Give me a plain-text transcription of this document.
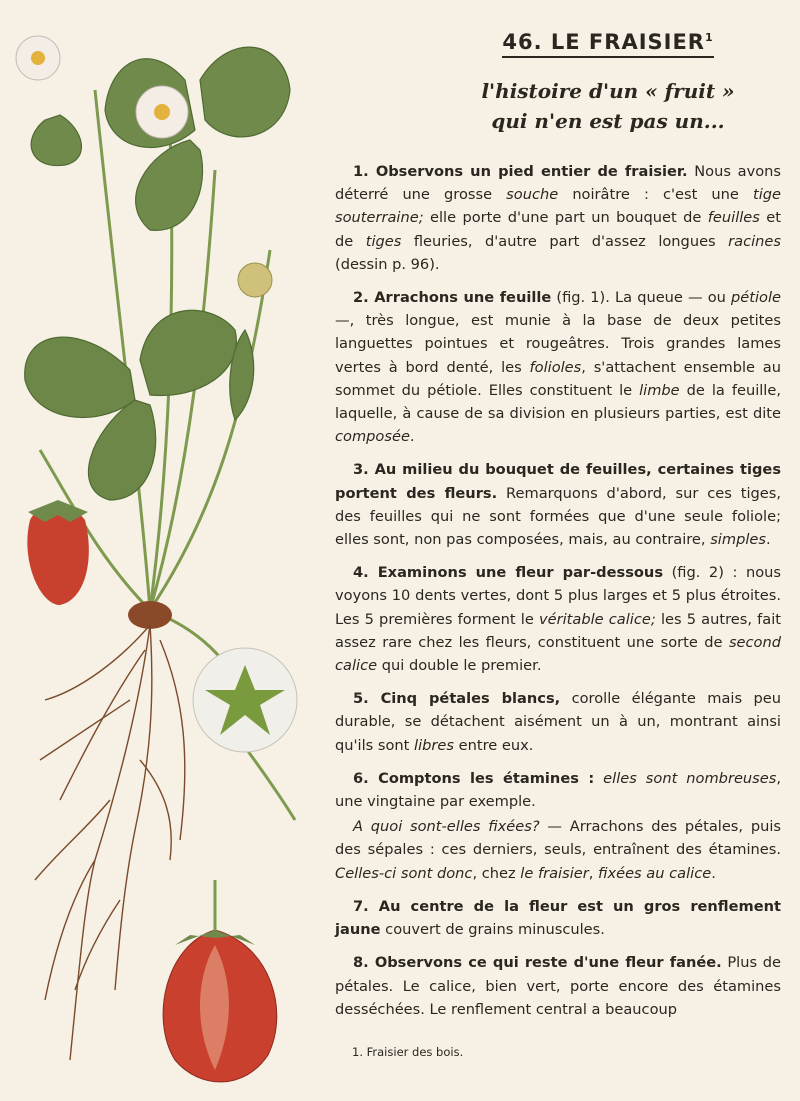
46. LE FRAISIER$^1$
l'histoire d'un « fruit »
qui n'en est pas un...

1. Observons un pied entier de fraisier. Nous avons déterré une grosse souche noirâtre : c'est une tige souterraine; elle porte d'une part un bouquet de feuilles et de tiges fleuries, d'autre part d'assez longues racines (dessin p. 96).

2. Arrachons une feuille (fig. 1). La queue — ou pétiole —, très longue, est munie à la base de deux petites languettes pointues et rougeâtres. Trois grandes lames vertes à bord denté, les folioles, s'attachent ensemble au sommet du pétiole. Elles constituent le limbe de la feuille, laquelle, à cause de sa division en plusieurs parties, est dite composée.

3. Au milieu du bouquet de feuilles, certaines tiges portent des fleurs. Remarquons d'abord, sur ces tiges, des feuilles qui ne sont formées que d'une seule foliole; elles sont, non pas composées, mais, au contraire, simples.

4. Examinons une fleur par-dessous (fig. 2) : nous voyons 10 dents vertes, dont 5 plus larges et 5 plus étroites. Les 5 premières forment le véritable calice; les 5 autres, fait assez rare chez les fleurs, constituent une sorte de second calice qui double le premier.

5. Cinq pétales blancs, corolle élégante mais peu durable, se détachent aisément un à un, montrant ainsi qu'ils sont libres entre eux.

6. Comptons les étamines : elles sont nombreuses, une vingtaine par exemple.

A quoi sont-elles fixées? — Arrachons des pétales, puis des sépales : ces derniers, seuls, entraînent des étamines. Celles-ci sont donc, chez le fraisier, fixées au calice.

7. Au centre de la fleur est un gros renflement jaune couvert de grains minuscules.

8. Observons ce qui reste d'une fleur fanée. Plus de pétales. Le calice, bien vert, porte encore des étamines desséchées. Le renflement central a beaucoup

1. Fraisier des bois.
